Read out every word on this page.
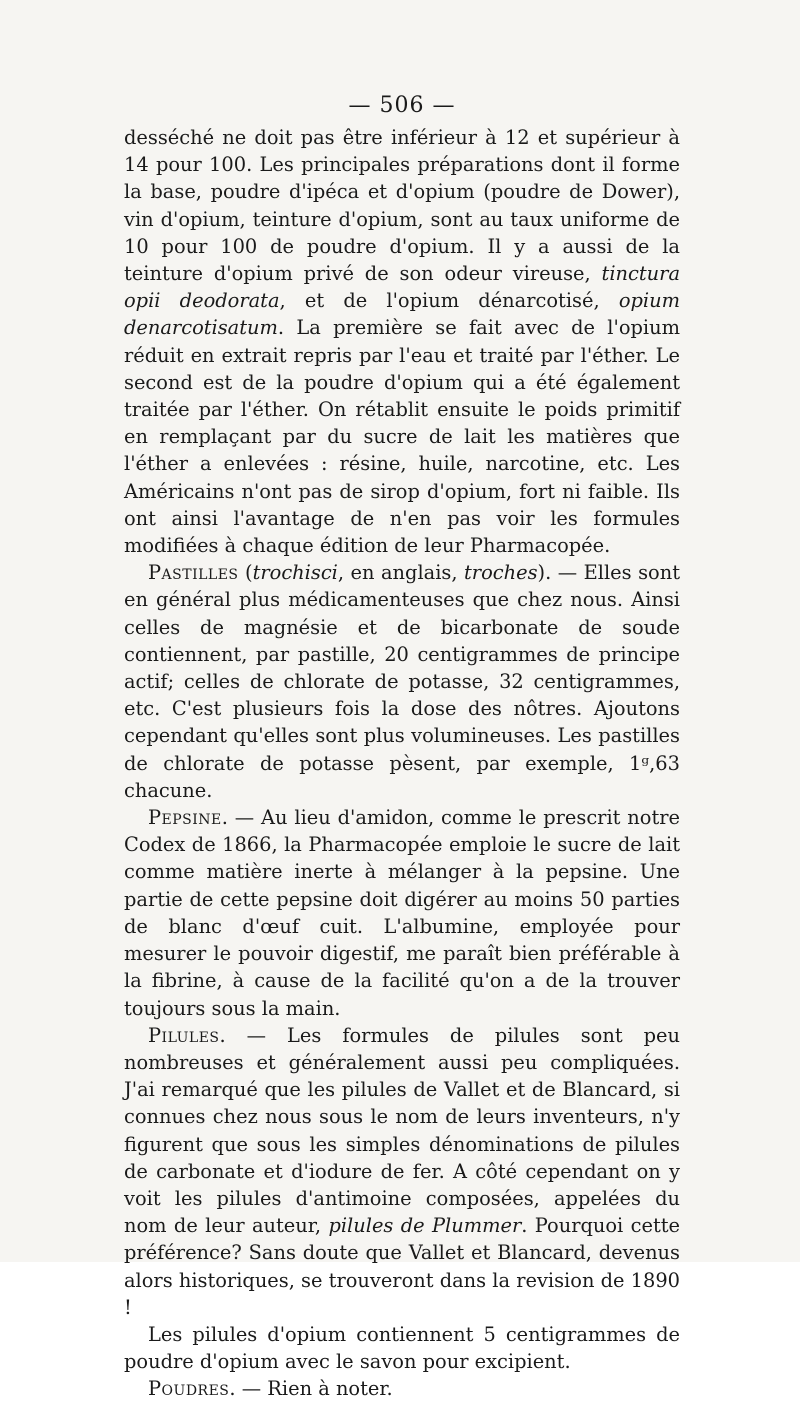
— 506 —

desséché ne doit pas être inférieur à 12 et supérieur à 14 pour 100. Les principales préparations dont il forme la base, poudre d'ipéca et d'opium (poudre de Dower), vin d'opium, teinture d'opium, sont au taux uniforme de 10 pour 100 de poudre d'opium. Il y a aussi de la teinture d'opium privé de son odeur vireuse, tinctura opii deodorata, et de l'opium dénarcotisé, opium denarcotisatum. La première se fait avec de l'opium réduit en extrait repris par l'eau et traité par l'éther. Le second est de la poudre d'opium qui a été également traitée par l'éther. On rétablit ensuite le poids primitif en remplaçant par du sucre de lait les matières que l'éther a enlevées : résine, huile, narcotine, etc. Les Américains n'ont pas de sirop d'opium, fort ni faible. Ils ont ainsi l'avantage de n'en pas voir les formules modifiées à chaque édition de leur Pharmacopée.

Pastilles (trochisci, en anglais, troches). — Elles sont en général plus médicamenteuses que chez nous. Ainsi celles de magnésie et de bicarbonate de soude contiennent, par pastille, 20 centigrammes de principe actif; celles de chlorate de potasse, 32 centigrammes, etc. C'est plusieurs fois la dose des nôtres. Ajoutons cependant qu'elles sont plus volumineuses. Les pastilles de chlorate de potasse pèsent, par exemple, 1ᵍ,63 chacune.

Pepsine. — Au lieu d'amidon, comme le prescrit notre Codex de 1866, la Pharmacopée emploie le sucre de lait comme matière inerte à mélanger à la pepsine. Une partie de cette pepsine doit digérer au moins 50 parties de blanc d'œuf cuit. L'albumine, employée pour mesurer le pouvoir digestif, me paraît bien préférable à la fibrine, à cause de la facilité qu'on a de la trouver toujours sous la main.

Pilules. — Les formules de pilules sont peu nombreuses et généralement aussi peu compliquées. J'ai remarqué que les pilules de Vallet et de Blancard, si connues chez nous sous le nom de leurs inventeurs, n'y figurent que sous les simples dénominations de pilules de carbonate et d'iodure de fer. A côté cependant on y voit les pilules d'antimoine composées, appelées du nom de leur auteur, pilules de Plummer. Pourquoi cette préférence? Sans doute que Vallet et Blancard, devenus alors historiques, se trouveront dans la revision de 1890 !

Les pilules d'opium contiennent 5 centigrammes de poudre d'opium avec le savon pour excipient.

Poudres. — Rien à noter.
